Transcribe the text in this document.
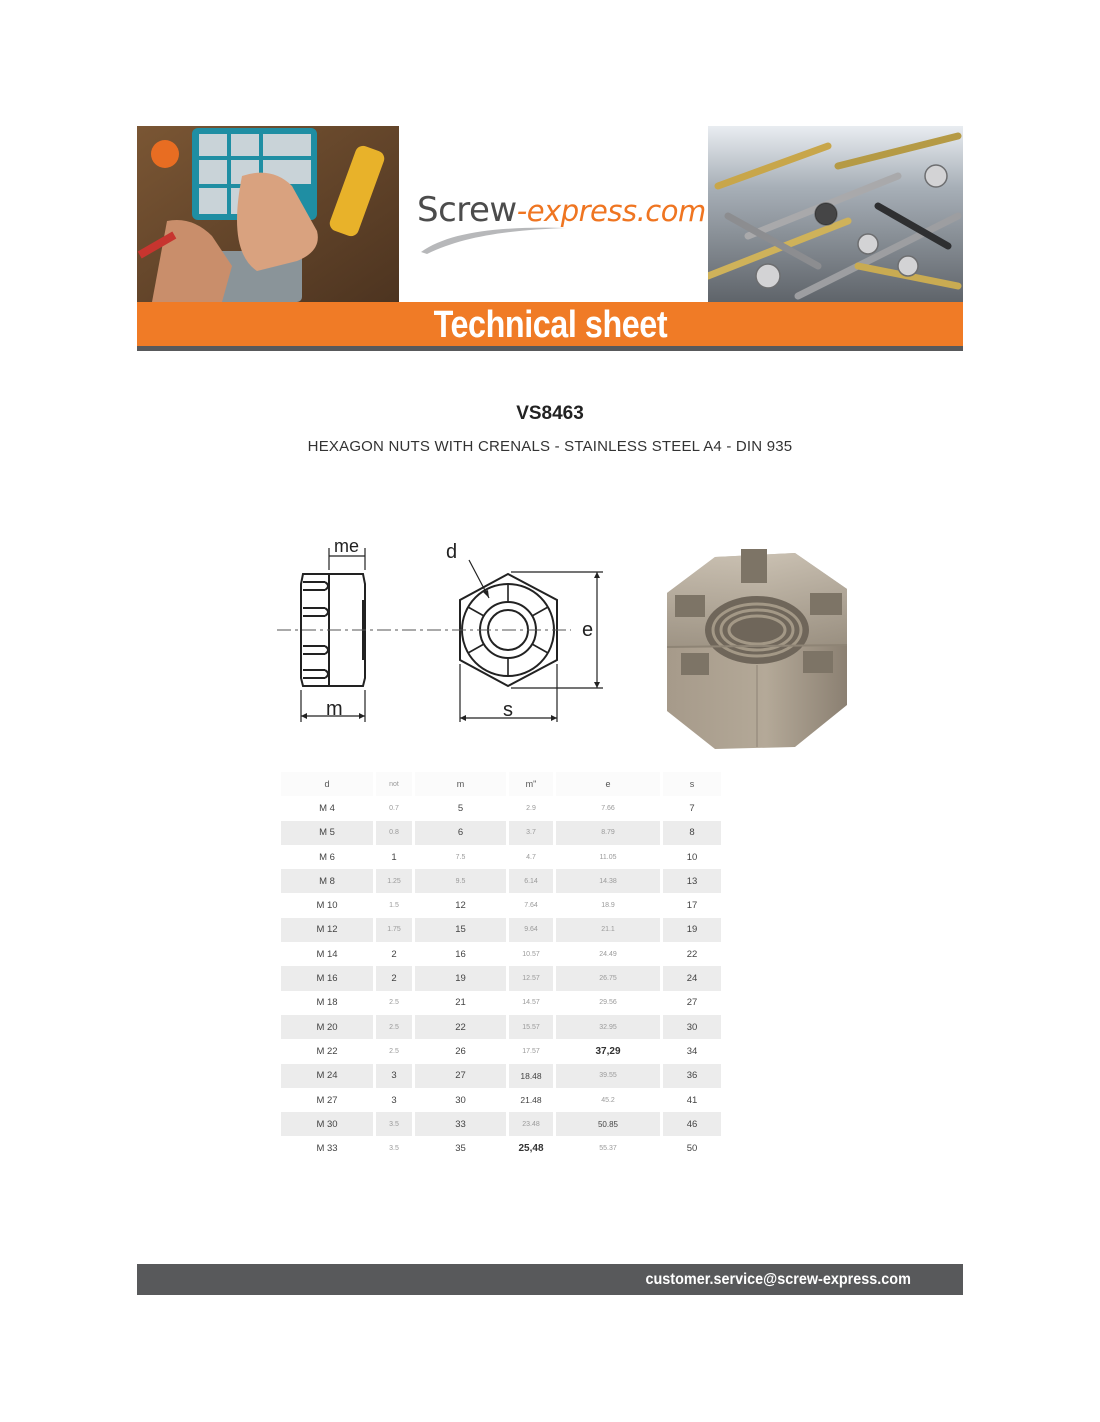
Screw-express.com
Technical sheet
VS8463
HEXAGON NUTS WITH CRENALS - STAINLESS STEEL A4 - DIN 935
me
m
d
s
e
d	not	m	m"	e	s
M 4	0.7	5	2.9	7.66	7
M 5	0.8	6	3.7	8.79	8
M 6	1	7.5	4.7	11.05	10
M 8	1.25	9.5	6.14	14.38	13
M 10	1.5	12	7.64	18.9	17
M 12	1.75	15	9.64	21.1	19
M 14	2	16	10.57	24.49	22
M 16	2	19	12.57	26.75	24
M 18	2.5	21	14.57	29.56	27
M 20	2.5	22	15.57	32.95	30
M 22	2.5	26	17.57	37,29	34
M 24	3	27	18.48	39.55	36
M 27	3	30	21.48	45.2	41
M 30	3.5	33	23.48	50.85	46
M 33	3.5	35	25,48	55.37	50
customer.service@screw-express.com
